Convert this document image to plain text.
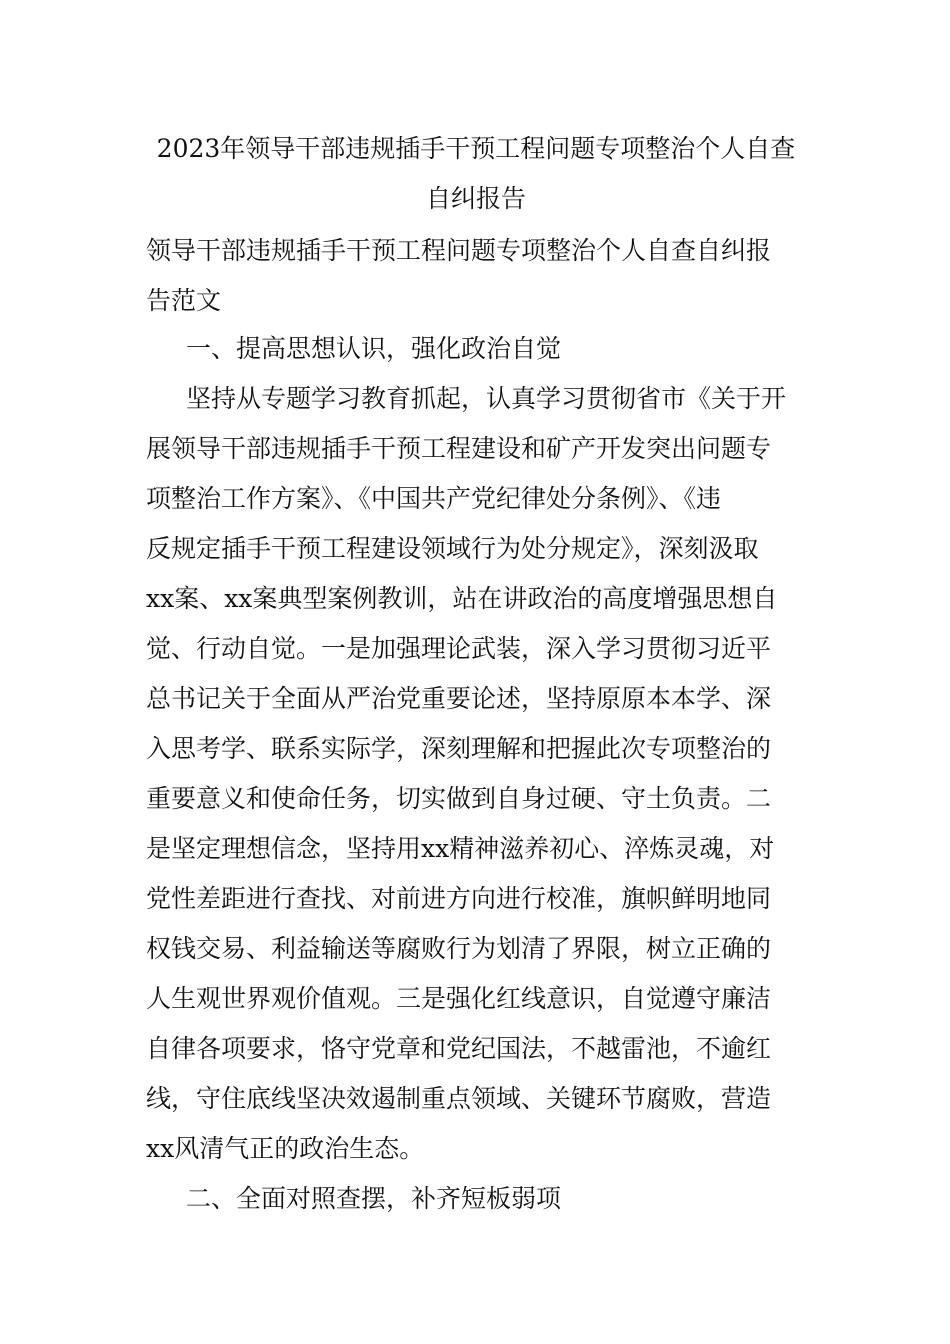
2023年领导干部违规插手干预工程问题专项整治个人自查
自纠报告
领导干部违规插手干预工程问题专项整治个人自查自纠报
告范文
一、提高思想认识，强化政治自觉
坚持从专题学习教育抓起，认真学习贯彻省市《关于开
展领导干部违规插手干预工程建设和矿产开发突出问题专
项整治工作方案》、《中国共产党纪律处分条例》、《违
反规定插手干预工程建设领域行为处分规定》，深刻汲取
xx案、xx案典型案例教训，站在讲政治的高度增强思想自
觉、行动自觉。一是加强理论武装，深入学习贯彻习近平
总书记关于全面从严治党重要论述，坚持原原本本学、深
入思考学、联系实际学，深刻理解和把握此次专项整治的
重要意义和使命任务，切实做到自身过硬、守土负责。二
是坚定理想信念，坚持用xx精神滋养初心、淬炼灵魂，对
党性差距进行查找、对前进方向进行校准，旗帜鲜明地同
权钱交易、利益输送等腐败行为划清了界限，树立正确的
人生观世界观价值观。三是强化红线意识，自觉遵守廉洁
自律各项要求，恪守党章和党纪国法，不越雷池，不逾红
线，守住底线坚决效遏制重点领域、关键环节腐败，营造
xx风清气正的政治生态。
二、全面对照查摆，补齐短板弱项
